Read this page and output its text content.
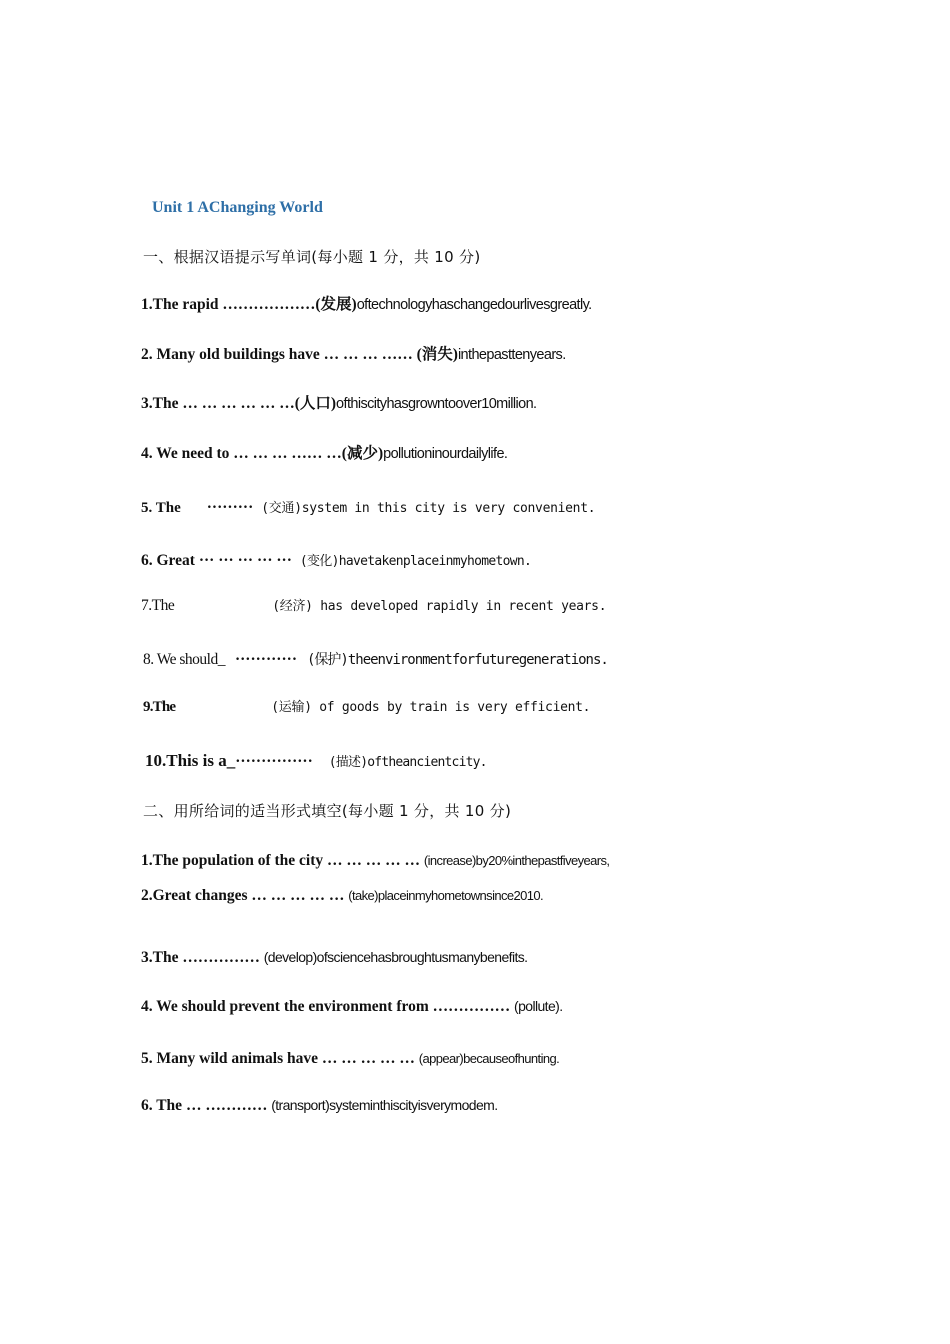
Unit 1 AChanging World
一、根据汉语提示写单词(每小题 1 分，共 10 分)
1.The rapid ………………(发展)oftechnologyhaschangedourlivesgreatly.
2. Many old buildings have … … … …… (消失)inthepasttenyears.
3.The … … … … … …(人口)ofthiscityhasgrowntoover10million.
4. We need to … … … …… …(减少)pollutioninourdailylife.
5. The ········· (交通)system in this city is very convenient.
6. Great ··· ··· ··· ··· ··· (变化)havetakenplaceinmyhometown.
7.The	(经济) has developed rapidly in recent years.
8. We should_ ············ (保护)theenvironmentforfuturegenerations.
9.The	(运输) of goods by train is very efficient.
10.This is a_··············· (描述)oftheancientcity.
二、用所给词的适当形式填空(每小题 1 分，共 10 分)
1.The population of the city … … … … … (increase)by20%inthepastfiveyears,
2.Great changes … … … … … (take)placeinmyhometownsince2010.
3.The …………… (develop)ofsciencehasbroughtusmanybenefits.
4. We should prevent the environment from …………… (pollute).
5. Many wild animals have … … … … … (appear)becauseofhunting.
6. The … ………… (transport)systeminthiscityisverymodem.
